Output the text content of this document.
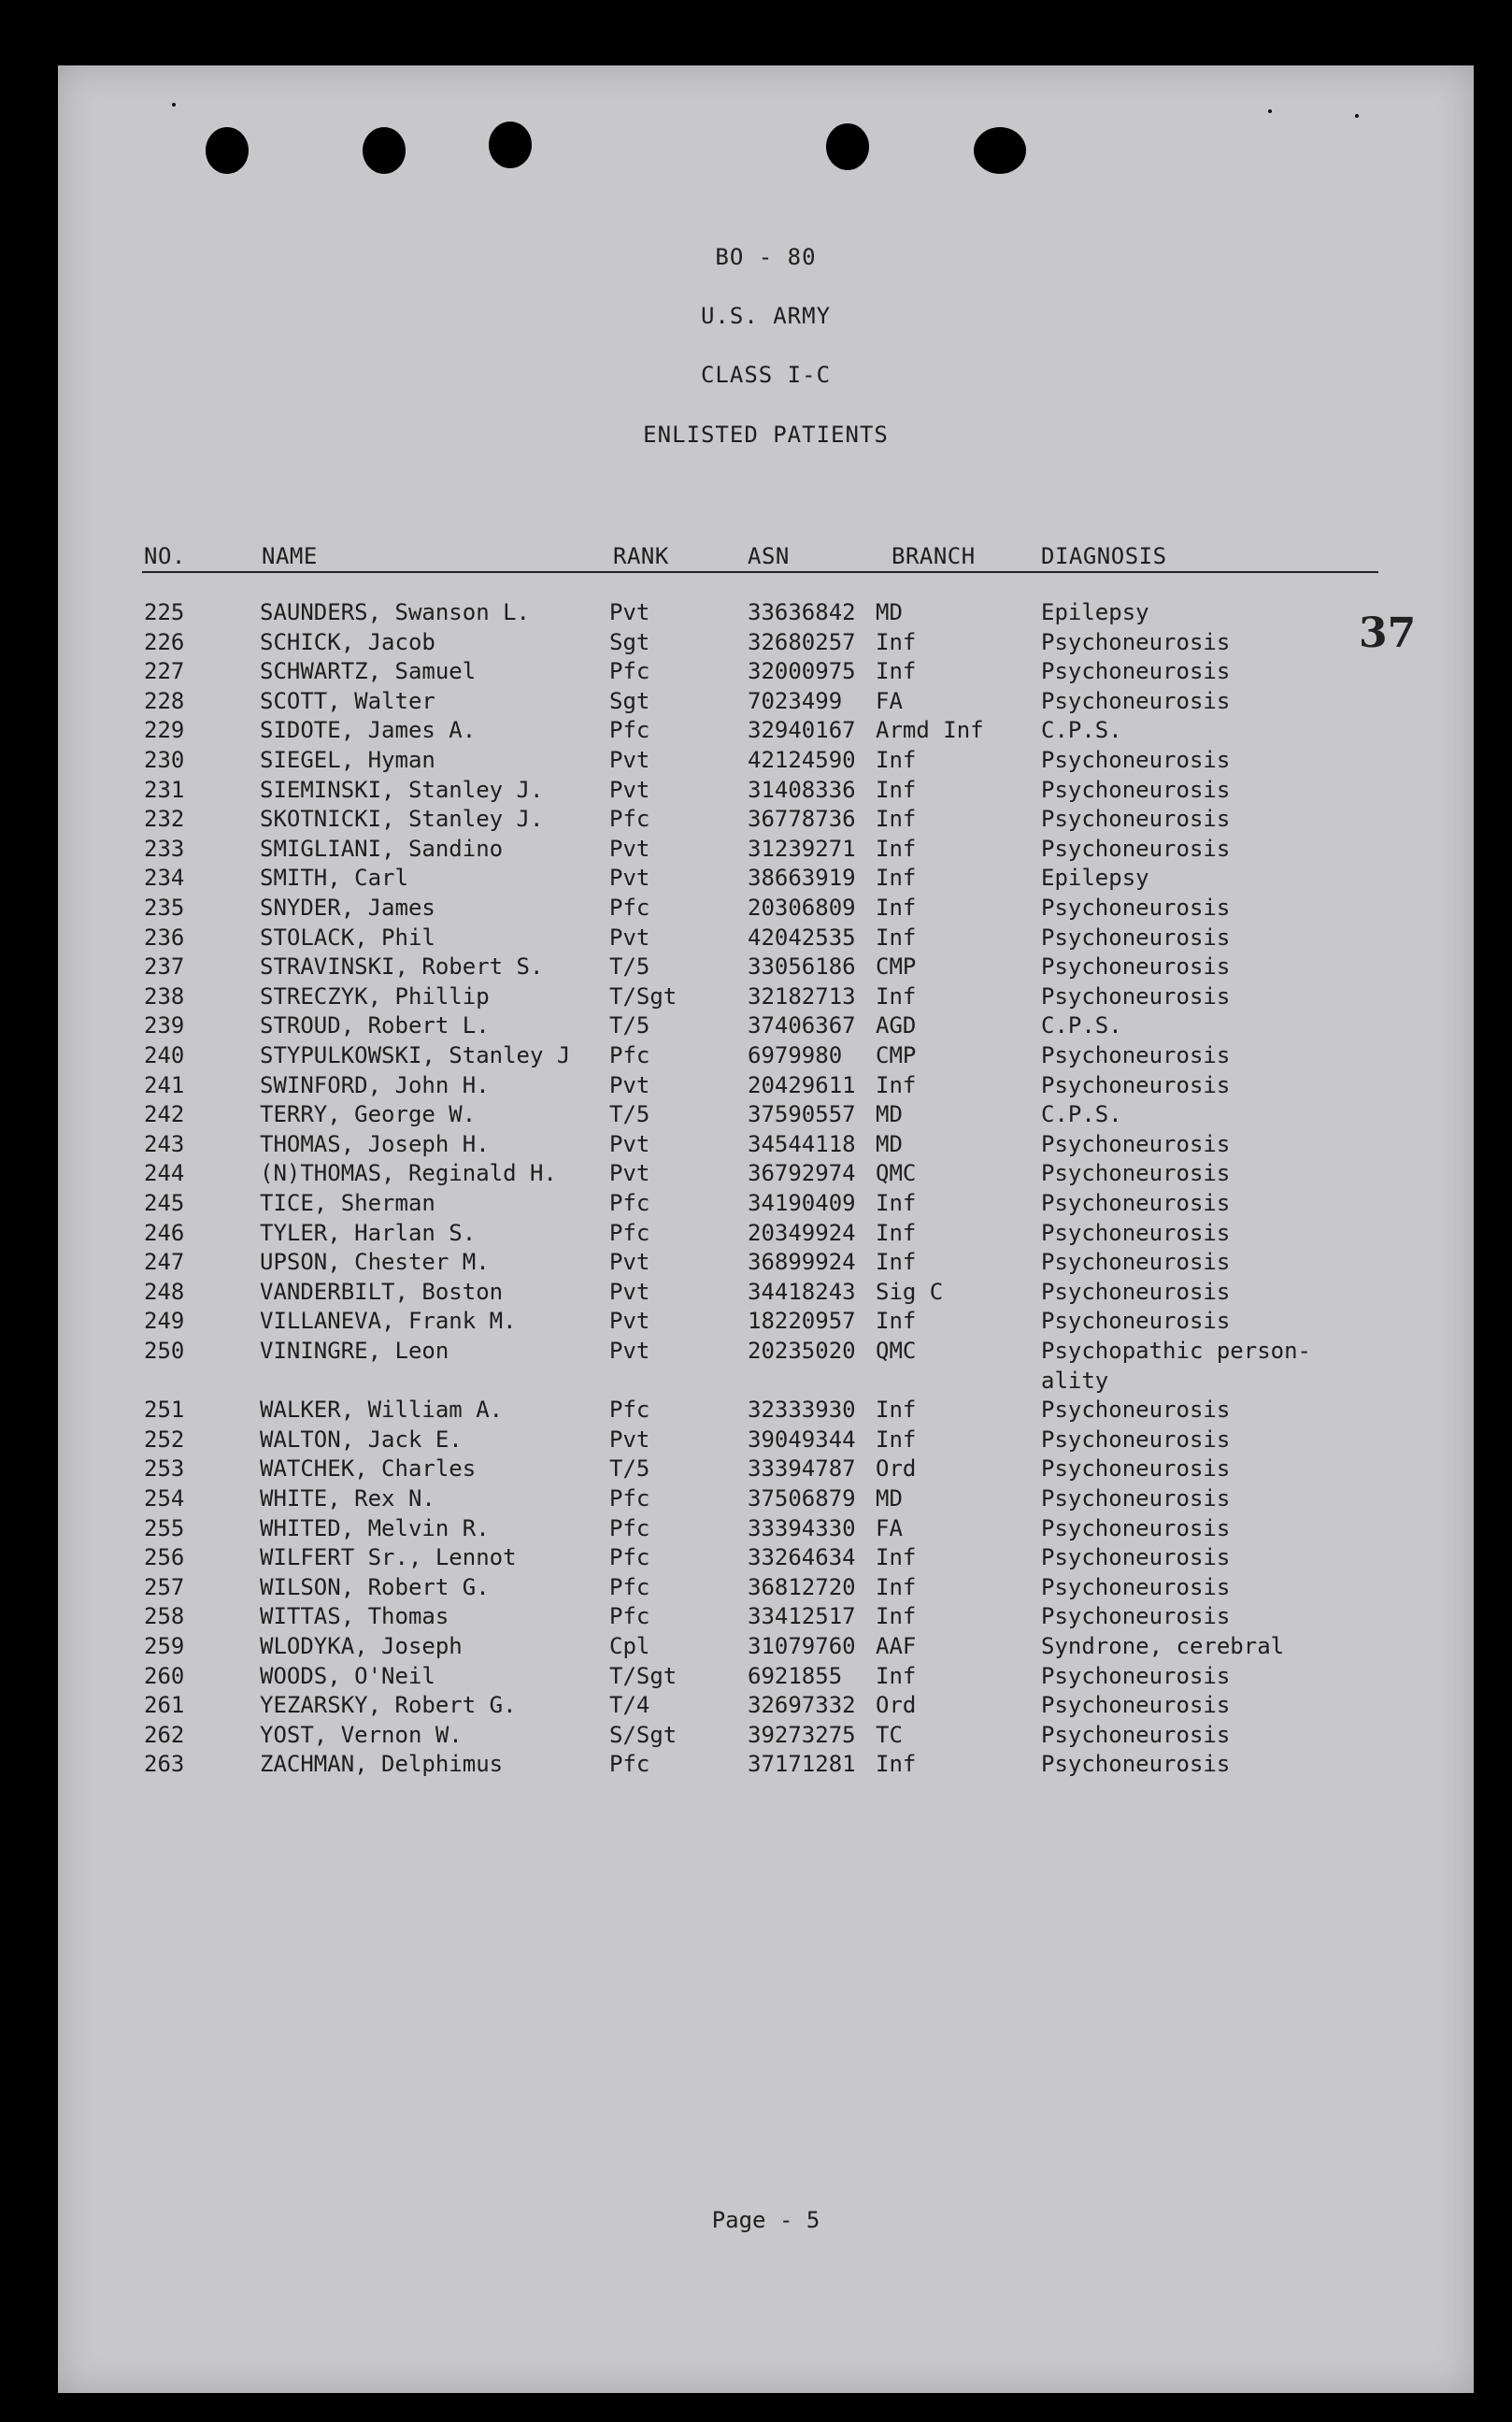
BO - 80
U.S. ARMY
CLASS I-C
ENLISTED PATIENTS
NO.	NAME	RANK	ASN	BRANCH	DIAGNOSIS
37
225	SAUNDERS, Swanson L.	Pvt	33636842 MD	Epilepsy
226	SCHICK, Jacob	Sgt	32680257 Inf	Psychoneurosis
227	SCHWARTZ, Samuel	Pfc	32000975 Inf	Psychoneurosis
228	SCOTT, Walter	Sgt	7023499 FA	Psychoneurosis
229	SIDOTE, James A.	Pfc	32940167 Armd Inf	C.P.S.
230	SIEGEL, Hyman	Pvt	42124590 Inf	Psychoneurosis
231	SIEMINSKI, Stanley J.	Pvt	31408336 Inf	Psychoneurosis
232	SKOTNICKI, Stanley J.	Pfc	36778736 Inf	Psychoneurosis
233	SMIGLIANI, Sandino	Pvt	31239271 Inf	Psychoneurosis
234	SMITH, Carl	Pvt	38663919 Inf	Epilepsy
235	SNYDER, James	Pfc	20306809 Inf	Psychoneurosis
236	STOLACK, Phil	Pvt	42042535 Inf	Psychoneurosis
237	STRAVINSKI, Robert S.	T/5	33056186 CMP	Psychoneurosis
238	STRECZYK, Phillip	T/Sgt	32182713 Inf	Psychoneurosis
239	STROUD, Robert L.	T/5	37406367 AGD	C.P.S.
240	STYPULKOWSKI, Stanley J Pfc	6979980 CMP	Psychoneurosis
241	SWINFORD, John H.	Pvt	20429611 Inf	Psychoneurosis
242	TERRY, George W.	T/5	37590557 MD	C.P.S.
243	THOMAS, Joseph H.	Pvt	34544118 MD	Psychoneurosis
244	(N)THOMAS, Reginald H. Pvt	36792974 QMC	Psychoneurosis
245	TICE, Sherman	Pfc	34190409 Inf	Psychoneurosis
246	TYLER, Harlan S.	Pfc	20349924 Inf	Psychoneurosis
247	UPSON, Chester M.	Pvt	36899924 Inf	Psychoneurosis
248	VANDERBILT, Boston	Pvt	34418243 Sig C	Psychoneurosis
249	VILLANEVA, Frank M.	Pvt	18220957 Inf	Psychoneurosis
250	VININGRE, Leon	Pvt	20235020 QMC	Psychopathic person-
ality
251	WALKER, William A.	Pfc	32333930 Inf	Psychoneurosis
252	WALTON, Jack E.	Pvt	39049344 Inf	Psychoneurosis
253	WATCHEK, Charles	T/5	33394787 Ord	Psychoneurosis
254	WHITE, Rex N.	Pfc	37506879 MD	Psychoneurosis
255	WHITED, Melvin R.	Pfc	33394330 FA	Psychoneurosis
256	WILFERT Sr., Lennot	Pfc	33264634 Inf	Psychoneurosis
257	WILSON, Robert G.	Pfc	36812720 Inf	Psychoneurosis
258	WITTAS, Thomas	Pfc	33412517 Inf	Psychoneurosis
259	WLODYKA, Joseph	Cpl	31079760 AAF	Syndrone, cerebral
260	WOODS, O'Neil	T/Sgt	6921855 Inf	Psychoneurosis
261	YEZARSKY, Robert G.	T/4	32697332 Ord	Psychoneurosis
262	YOST, Vernon W.	S/Sgt	39273275 TC	Psychoneurosis
263	ZACHMAN, Delphimus	Pfc	37171281 Inf	Psychoneurosis
Page - 5
